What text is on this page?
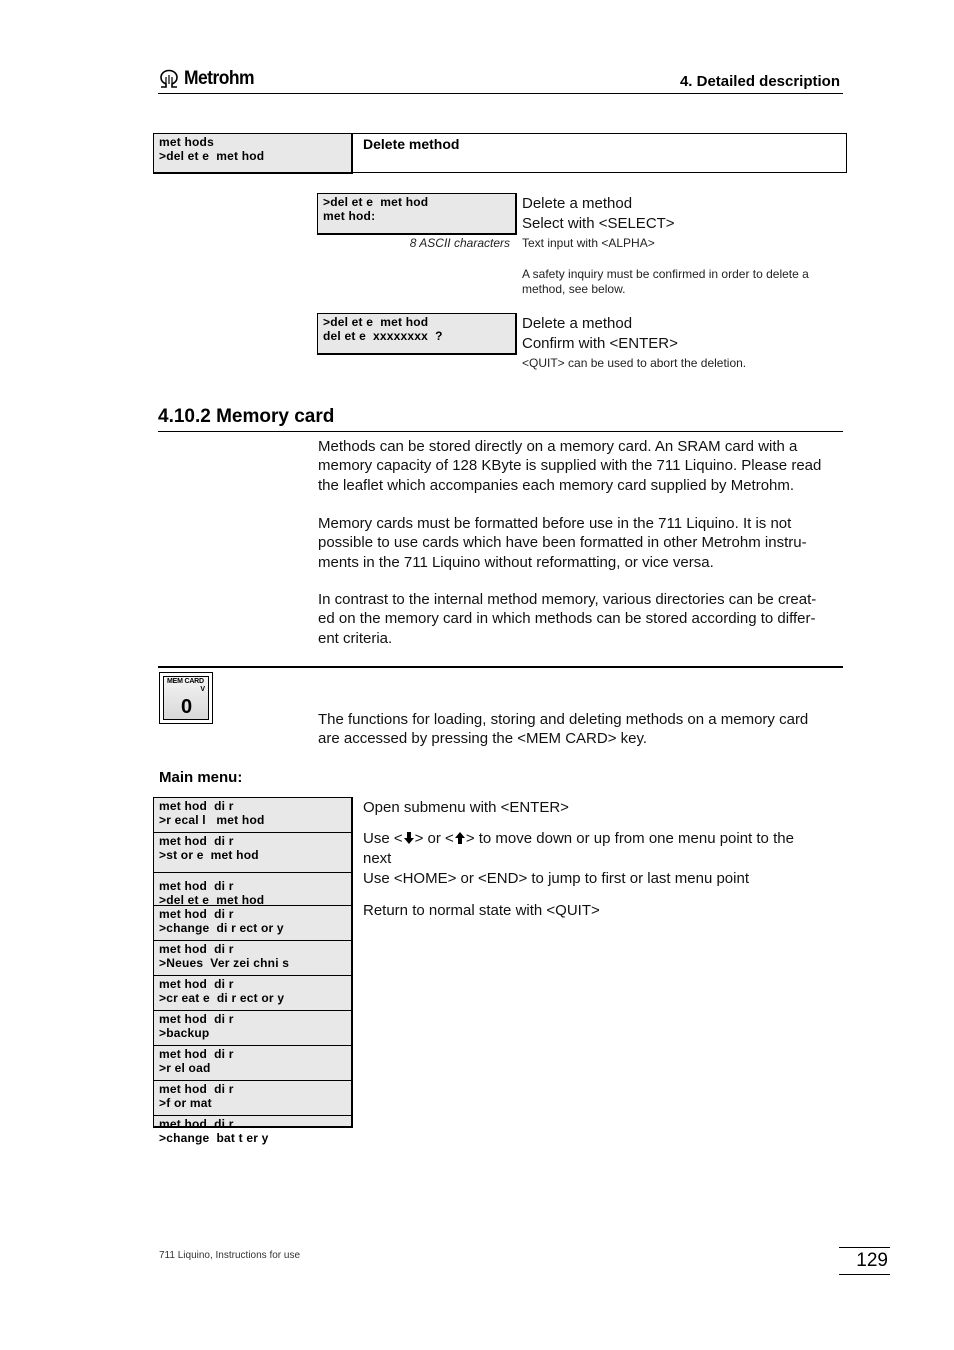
Metrohm	4. Detailed description
met hods
>del et e  met hod
Delete method
>del et e  met hod
met hod:
8 ASCII characters
Delete a method
Select with <SELECT>
Text input with <ALPHA>
A safety inquiry must be confirmed in order to delete a
method, see below.
>del et e  met hod
del et e  xxxxxxxx  ?
Delete a method
Confirm with <ENTER>
<QUIT> can be used to abort the deletion.
4.10.2 Memory card
Methods can be stored directly on a memory card. An SRAM card with a
memory capacity of 128 KByte is supplied with the 711 Liquino. Please read
the leaflet which accompanies each memory card supplied by Metrohm.
Memory cards must be formatted before use in the 711 Liquino. It is not
possible to use cards which have been formatted in other Metrohm instru-
ments in the 711 Liquino without reformatting, or vice versa.
In contrast to the internal method memory, various directories can be creat-
ed on the memory card in which methods can be stored according to differ-
ent criteria.
MEM CARD
V
0
The functions for loading, storing and deleting methods on a memory card
are accessed by pressing the <MEM CARD> key.
Main menu:
met hod  di r
>r ecal l   met hod
met hod  di r
>st or e  met hod
met hod  di r
>del et e  met hod
met hod  di r
>change  di r ect or y
met hod  di r
>Neues  Ver zei chni s
met hod  di r
>cr eat e  di r ect or y
met hod  di r
>backup
met hod  di r
>r el oad
met hod  di r
>f or mat
met hod  di r
>change  bat t er y
Open submenu with <ENTER>
Use < > or < > to move down or up from one menu point to the
next
Use <HOME> or <END> to jump to first or last menu point
Return to normal state with <QUIT>
711 Liquino, Instructions for use	129
